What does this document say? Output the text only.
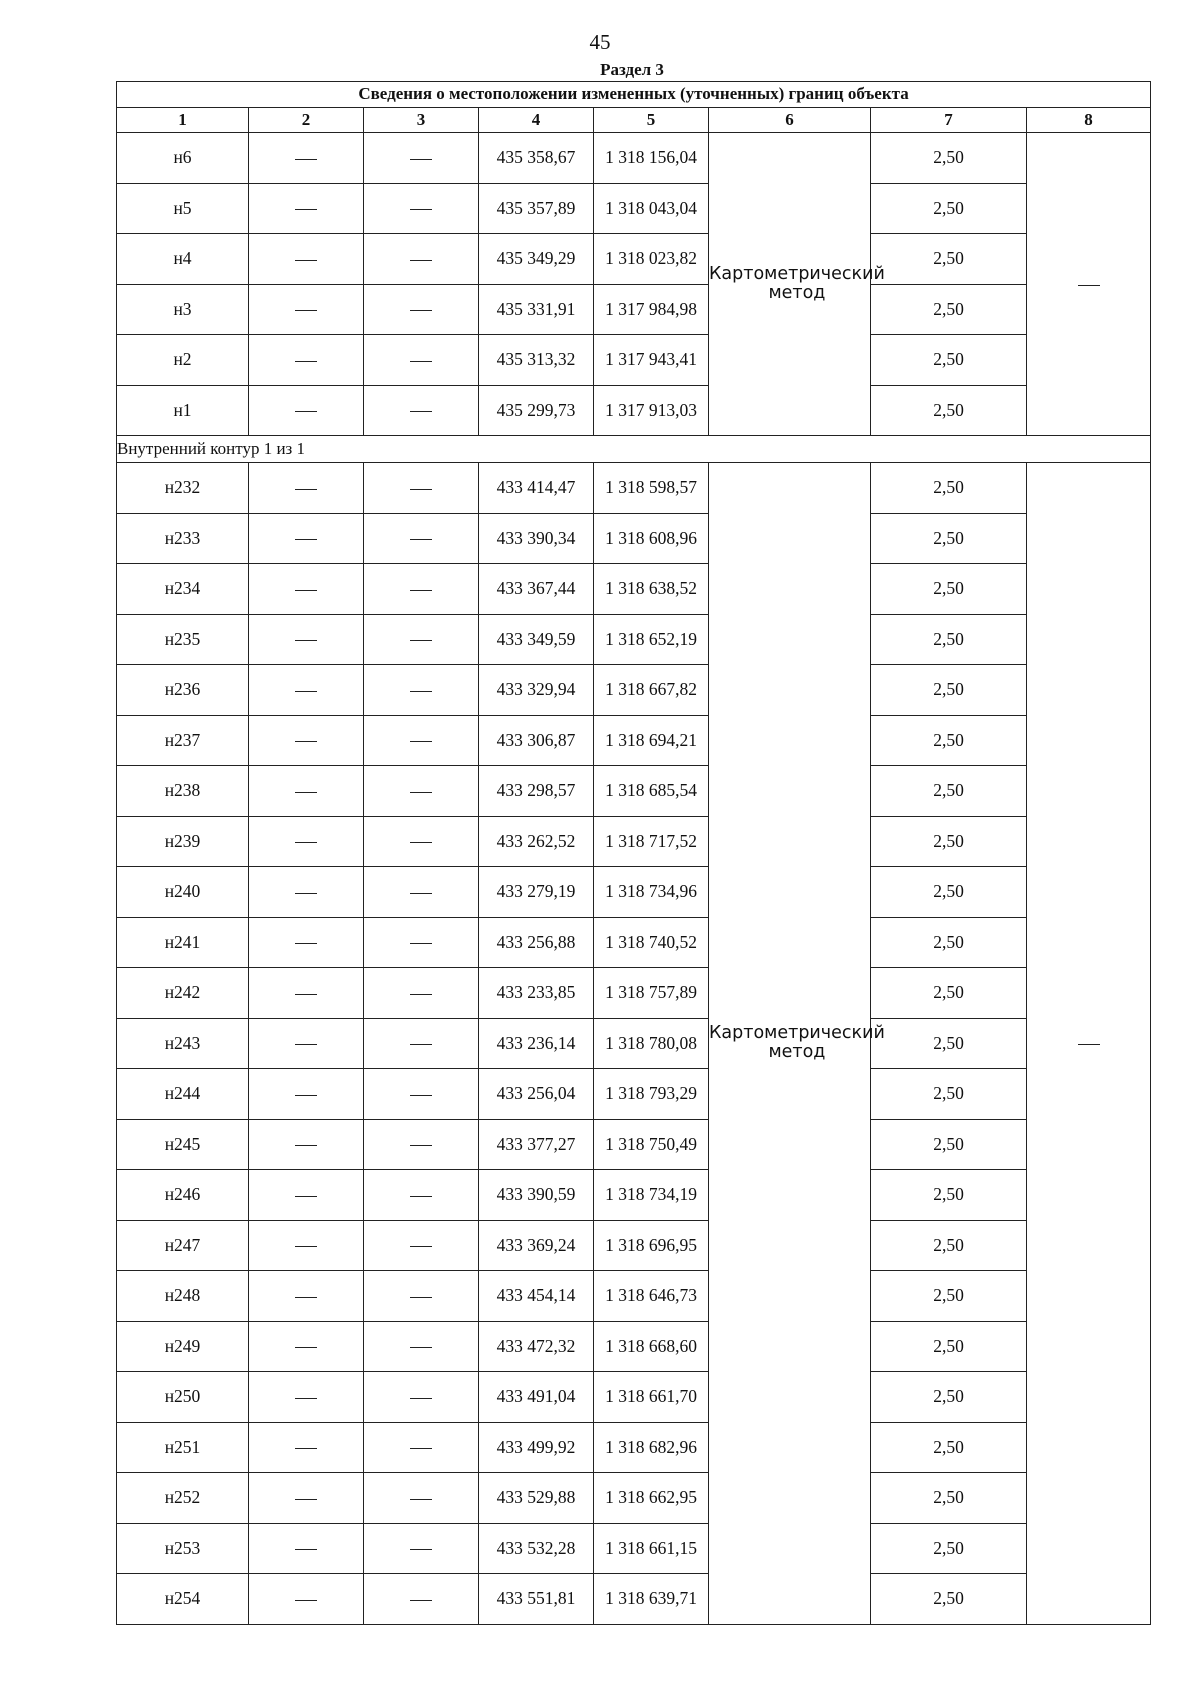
45
Раздел 3
Сведения о местоположении измененных (уточненных) границ объекта							
1	2	3	4	5	6	7	8
н6			435 358,67	1 318 156,04	Картометрический метод	2,50	
н5			435 357,89	1 318 043,04		2,50	
н4			435 349,29	1 318 023,82		2,50	
н3			435 331,91	1 317 984,98		2,50	
н2			435 313,32	1 317 943,41		2,50	
н1			435 299,73	1 317 913,03		2,50	
Внутренний контур 1 из 1							
н232			433 414,47	1 318 598,57	Картометрический метод	2,50	
н233			433 390,34	1 318 608,96		2,50	
н234			433 367,44	1 318 638,52		2,50	
н235			433 349,59	1 318 652,19		2,50	
н236			433 329,94	1 318 667,82		2,50	
н237			433 306,87	1 318 694,21		2,50	
н238			433 298,57	1 318 685,54		2,50	
н239			433 262,52	1 318 717,52		2,50	
н240			433 279,19	1 318 734,96		2,50	
н241			433 256,88	1 318 740,52		2,50	
н242			433 233,85	1 318 757,89		2,50	
н243			433 236,14	1 318 780,08		2,50	
н244			433 256,04	1 318 793,29		2,50	
н245			433 377,27	1 318 750,49		2,50	
н246			433 390,59	1 318 734,19		2,50	
н247			433 369,24	1 318 696,95		2,50	
н248			433 454,14	1 318 646,73		2,50	
н249			433 472,32	1 318 668,60		2,50	
н250			433 491,04	1 318 661,70		2,50	
н251			433 499,92	1 318 682,96		2,50	
н252			433 529,88	1 318 662,95		2,50	
н253			433 532,28	1 318 661,15		2,50	
н254			433 551,81	1 318 639,71		2,50	
